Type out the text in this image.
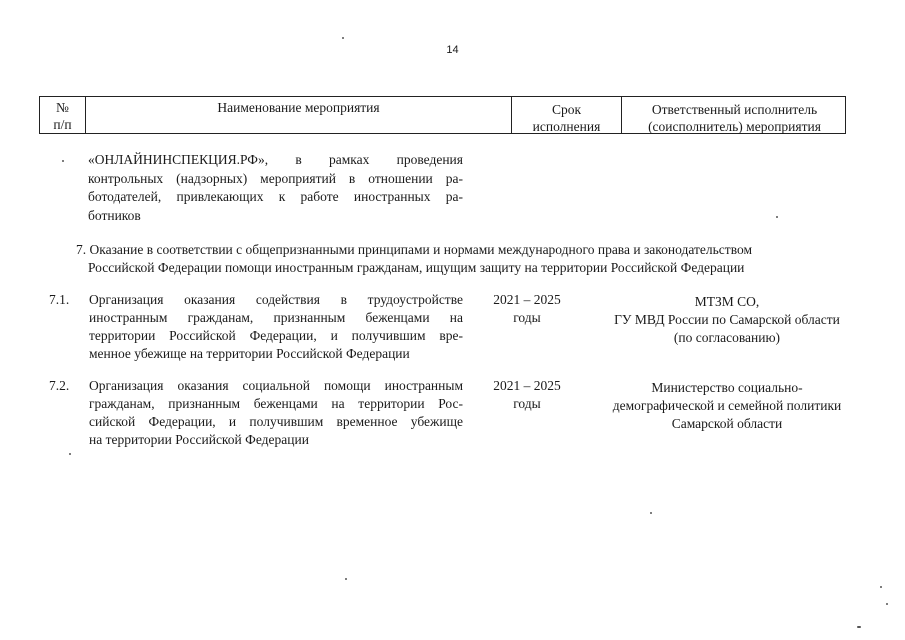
14
№
п/п
Наименование мероприятия	Срок
исполнения
Ответственный исполнитель
(соисполнитель) мероприятия
«ОНЛАЙНИНСПЕКЦИЯ.РФ», в рамках проведения
контрольных (надзорных) мероприятий в отношении ра-
ботодателей, привлекающих к работе иностранных ра-
ботников
7. Оказание в соответствии с общепризнанными принципами и нормами международного права и законодательством
Российской Федерации помощи иностранным гражданам, ищущим защиту на территории Российской Федерации
7.1. Организация оказания содействия в трудоустройстве
иностранным гражданам, признанным беженцами на
территории Российской Федерации, и получившим вре-
менное убежище на территории Российской Федерации
2021 – 2025
годы
МТЗМ СО,
ГУ МВД России по Самарской области
(по согласованию)
7.2. Организация оказания социальной помощи иностранным
гражданам, признанным беженцами на территории Рос-
сийской Федерации, и получившим временное убежище
на территории Российской Федерации
2021 – 2025
годы
Министерство социально-
демографической и семейной политики
Самарской области
